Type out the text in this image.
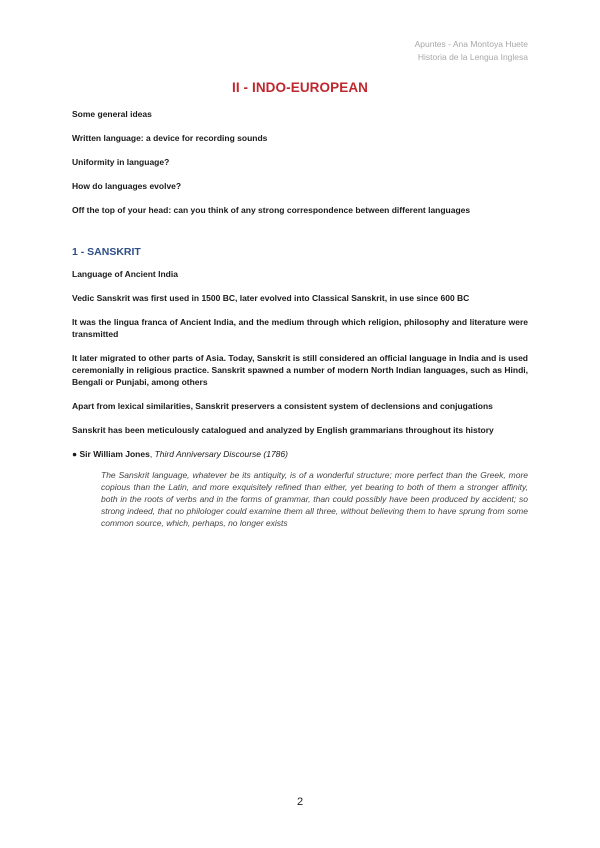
Apuntes - Ana Montoya Huete
Historia de la Lengua Inglesa
II - INDO-EUROPEAN

Some general ideas

Written language: a device for recording sounds

Uniformity in language?

How do languages evolve?

Off the top of your head: can you think of any strong correspondence between different languages

1 - SANSKRIT

Language of Ancient India

Vedic Sanskrit was first used in 1500 BC, later evolved into Classical Sanskrit, in use since 600 BC

It was the lingua franca of Ancient India, and the medium through which religion, philosophy and literature were transmitted

It later migrated to other parts of Asia. Today, Sanskrit is still considered an official language in India and is used ceremonially in religious practice. Sanskrit spawned a number of modern North Indian languages, such as Hindi, Bengali or Punjabi, among others

Apart from lexical similarities, Sanskrit preservers a consistent system of declensions and conjugations

Sanskrit has been meticulously catalogued and analyzed by English grammarians throughout its history

● Sir William Jones, Third Anniversary Discourse (1786)
The Sanskrit language, whatever be its antiquity, is of a wonderful structure; more perfect than the Greek, more copious than the Latin, and more exquisitely refined than either, yet bearing to both of them a stronger affinity, both in the roots of verbs and in the forms of grammar, than could possibly have been produced by accident; so strong indeed, that no philologer could examine them all three, without believing them to have sprung from some common source, which, perhaps, no longer exists
2
